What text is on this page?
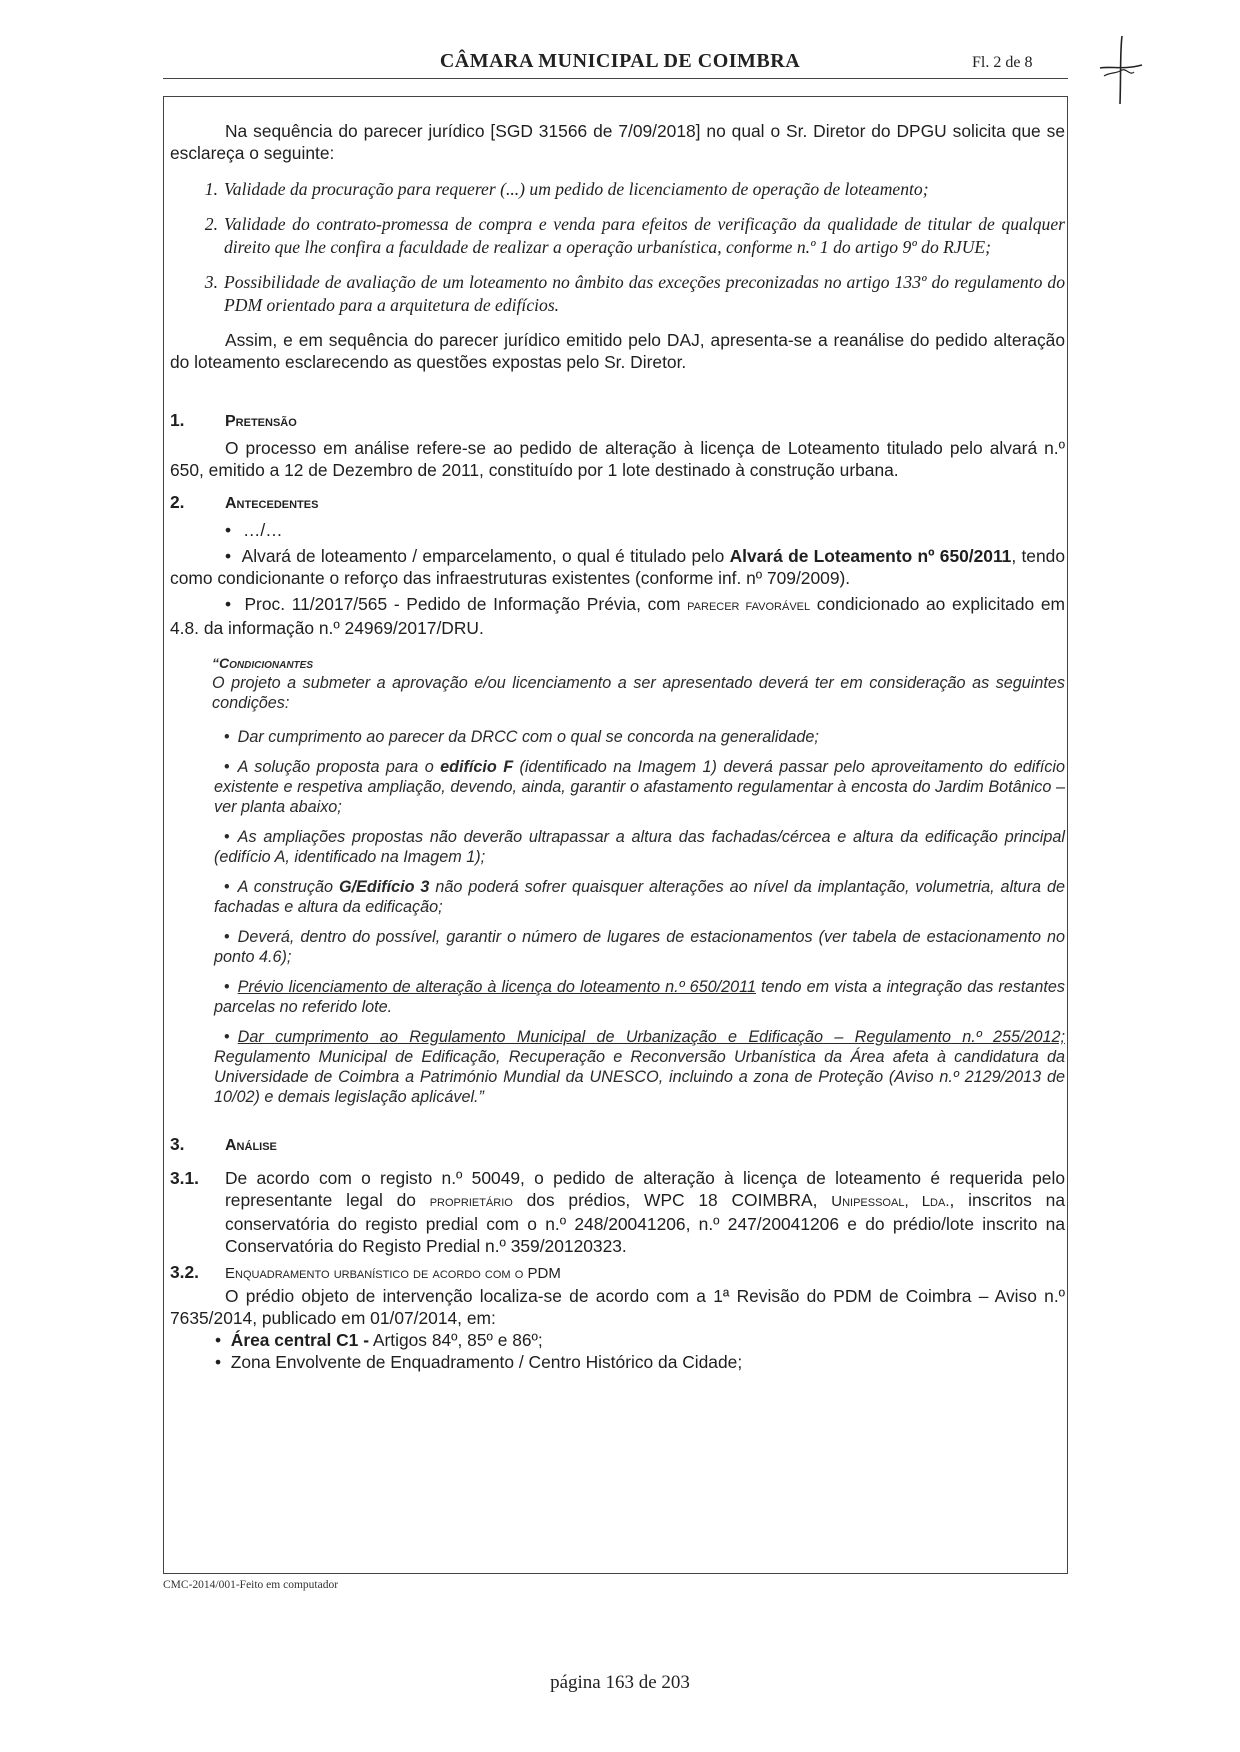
CÂMARA MUNICIPAL DE COIMBRA	Fl. 2 de 8

Na sequência do parecer jurídico [SGD 31566 de 7/09/2018] no qual o Sr. Diretor do DPGU solicita que se esclareça o seguinte:

1. Validade da procuração para requerer (...) um pedido de licenciamento de operação de loteamento;
2. Validade do contrato-promessa de compra e venda para efeitos de verificação da qualidade de titular de qualquer direito que lhe confira a faculdade de realizar a operação urbanística, conforme n.º 1 do artigo 9º do RJUE;
3. Possibilidade de avaliação de um loteamento no âmbito das exceções preconizadas no artigo 133º do regulamento do PDM orientado para a arquitetura de edifícios.

Assim, e em sequência do parecer jurídico emitido pelo DAJ, apresenta-se a reanálise do pedido alteração do loteamento esclarecendo as questões expostas pelo Sr. Diretor.

1.	Pretensão

O processo em análise refere-se ao pedido de alteração à licença de Loteamento titulado pelo alvará n.º 650, emitido a 12 de Dezembro de 2011, constituído por 1 lote destinado à construção urbana.

2.	Antecedentes
• …/…

•  Alvará de loteamento / emparcelamento, o qual é titulado pelo Alvará de Loteamento nº 650/2011, tendo como condicionante o reforço das infraestruturas existentes (conforme inf. nº 709/2009).

•  Proc. 11/2017/565 - Pedido de Informação Prévia, com parecer favorável condicionado ao explicitado em 4.8. da informação n.º 24969/2017/DRU.

“Condicionantes

O projeto a submeter a aprovação e/ou licenciamento a ser apresentado deverá ter em consideração as seguintes condições:

• Dar cumprimento ao parecer da DRCC com o qual se concorda na generalidade;

• A solução proposta para o edifício F (identificado na Imagem 1) deverá passar pelo aproveitamento do edifício existente e respetiva ampliação, devendo, ainda, garantir o afastamento regulamentar à encosta do Jardim Botânico – ver planta abaixo;

• As ampliações propostas não deverão ultrapassar a altura das fachadas/cércea e altura da edificação principal (edifício A, identificado na Imagem 1);

• A construção G/Edifício 3 não poderá sofrer quaisquer alterações ao nível da implantação, volumetria, altura de fachadas e altura da edificação;

• Deverá, dentro do possível, garantir o número de lugares de estacionamentos (ver tabela de estacionamento no ponto 4.6);

• Prévio licenciamento de alteração à licença do loteamento n.º 650/2011 tendo em vista a integração das restantes parcelas no referido lote.

• Dar cumprimento ao Regulamento Municipal de Urbanização e Edificação – Regulamento n.º 255/2012; Regulamento Municipal de Edificação, Recuperação e Reconversão Urbanística da Área afeta à candidatura da Universidade de Coimbra a Património Mundial da UNESCO, incluindo a zona de Proteção (Aviso n.º 2129/2013 de 10/02) e demais legislação aplicável.”

3.	Análise
3.1.	De acordo com o registo n.º 50049, o pedido de alteração à licença de loteamento é requerida pelo representante legal do proprietário dos prédios, WPC 18 COIMBRA, Unipessoal, Lda., inscritos na conservatória do registo predial com o n.º 248/20041206, n.º 247/20041206 e do prédio/lote inscrito na Conservatória do Registo Predial n.º 359/20120323.

3.2.	Enquadramento urbanístico de acordo com o PDM

O prédio objeto de intervenção localiza-se de acordo com a 1ª Revisão do PDM de Coimbra – Aviso n.º 7635/2014, publicado em 01/07/2014, em:

•  Área central C1 - Artigos 84º, 85º e 86º;

•  Zona Envolvente de Enquadramento / Centro Histórico da Cidade;

CMC-2014/001-Feito em computador
página 163 de 203
